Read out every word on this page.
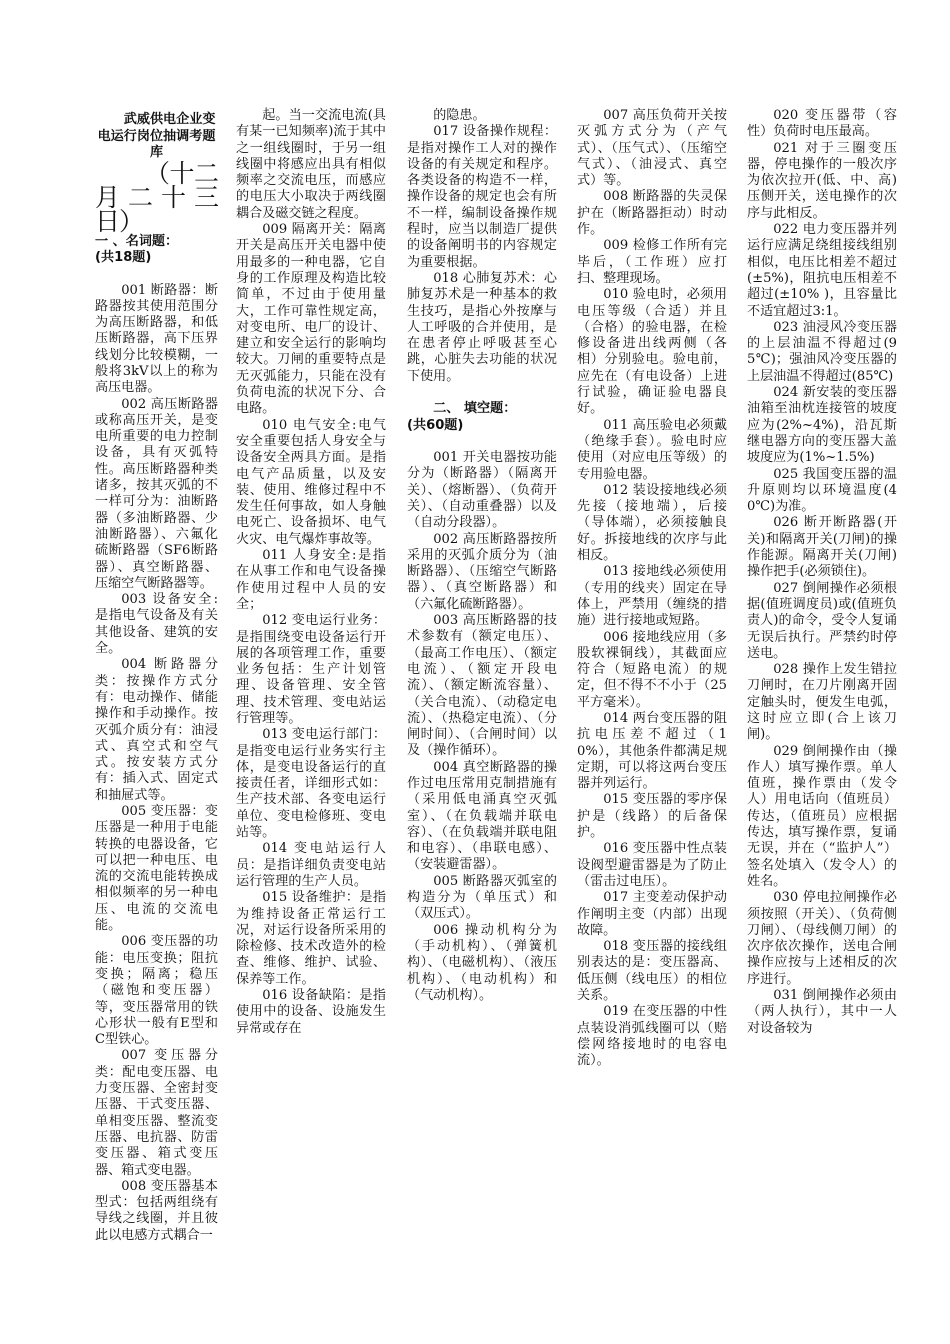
武威供电企业变电运行岗位抽调考题库

（十二月二十三日）

一 、名词题：

(共18题)

001 断路器：断路器按其使用范围分为高压断路器，和低压断路器，高下压界线划分比较模糊，一般将3kV以上的称为高压电器。

002 高压断路器或称高压开关，是变电所重要的电力控制设备，具有灭弧特性。高压断路器种类诸多，按其灭弧的不一样可分为：油断路器（多油断路器、少油断路器）、六氟化硫断路器（SF6断路器）、真空断路器、压缩空气断路器等。

003 设备安全:是指电气设备及有关其他设备、建筑的安全。

004 断路器分类：按操作方式分有：电动操作、储能操作和手动操作。按灭弧介质分有：油浸式、真空式和空气式。按安装方式分有：插入式、固定式和抽屉式等。

005 变压器：变压器是一种用于电能转换的电器设备，它可以把一种电压、电流的交流电能转换成相似频率的另一种电压、电流的交流电能。

006 变压器的功能：电压变换；阻抗变换；隔离；稳压（磁饱和变压器）等，变压器常用的铁心形状一般有E型和C型铁心。

007 变压器分类：配电变压器、电力变压器、全密封变压器、干式变压器、单相变压器、整流变压器、电抗器、防雷变压器、箱式变压器、箱式变电器。

008 变压器基本型式：包括两组绕有导线之线圈，并且彼此以电感方式耦合一

起。当一交流电流(具有某一已知频率)流于其中之一组线圈时，于另一组线圈中将感应出具有相似频率之交流电压，而感应的电压大小取决于两线圈耦合及磁交链之程度。

009 隔离开关：隔离开关是高压开关电器中使用最多的一种电器，它自身的工作原理及构造比较简单，不过由于使用量大，工作可靠性规定高，对变电所、电厂的设计、建立和安全运行的影响均较大。刀闸的重要特点是无灭弧能力，只能在没有负荷电流的状况下分、合电路。

010 电气安全:电气安全重要包括人身安全与设备安全两具方面。是指电气产品质量，以及安装、使用、维修过程中不发生任何事故，如人身触电死亡、设备损坏、电气火灾、电气爆炸事故等。

011 人身安全:是指在从事工作和电气设备操作使用过程中人员的安全；

012 变电运行业务：是指围绕变电设备运行开展的各项管理工作，重要业务包括：生产计划管理、设备管理、安全管理、技术管理、变电站运行管理等。

013 变电运行部门：是指变电运行业务实行主体，是变电设备运行的直接责任者，详细形式如：生产技术部、各变电运行单位、变电检修班、变电站等。

014 变电站运行人员：是指详细负责变电站运行管理的生产人员。

015 设备维护：是指为维持设备正常运行工况，对运行设备所采用的除检修、技术改造外的检查、维修、维护、试验、保养等工作。

016 设备缺陷：是指使用中的设备、设施发生异常或存在

的隐患。

017 设备操作规程：是指对操作工人对的操作设备的有关规定和程序。各类设备的构造不一样，操作设备的规定也会有所不一样，编制设备操作规程时，应当以制造厂提供的设备阐明书的内容规定为重要根据。

018 心肺复苏术：心肺复苏术是一种基本的救生技巧，是指心外按摩与人工呼吸的合并使用，是在患者停止呼吸甚至心跳，心脏失去功能的状况下使用。

二、 填空题：

(共60题)

001 开关电器按功能分为（断路器）（隔离开关）、（熔断器）、（负荷开关）、（自动重叠器）以及（自动分段器）。

002 高压断路器按所采用的灭弧介质分为（油断路器）、（压缩空气断路器）、（真空断路器）和（六氟化硫断路器）。

003 高压断路器的技术参数有（额定电压）、（最高工作电压）、（额定电流）、（额定开段电流）、（额定断流容量）、（关合电流）、（动稳定电流）、（热稳定电流）、（分闸时间）、（合闸时间）以及（操作循环）。

004 真空断路器的操作过电压常用克制措施有（采用低电涌真空灭弧室）、（在负载端并联电容）、（在负载端并联电阻和电容）、（串联电感）、（安装避雷器）。

005 断路器灭弧室的构造分为（单压式）和（双压式）。

006 操动机构分为（手动机构）、（弹簧机构）、（电磁机构）、（液压机构）、（电动机构）和（气动机构）。

007 高压负荷开关按灭弧方式分为（产气式）、（压气式）、（压缩空气式）、（油浸式、真空式）等。

008 断路器的失灵保护在（断路器拒动）时动作。

009 检修工作所有完毕后，（工作班）应打扫、整理现场。

010 验电时，必须用电压等级（合适）并且（合格）的验电器，在检修设备进出线两侧（各相）分别验电。验电前，应先在（有电设备）上进行试验，确证验电器良好。

011 高压验电必须戴（绝缘手套）。验电时应使用（对应电压等级）的专用验电器。

012 装设接地线必须先接（接地端），后接（导体端），必须接触良好。拆接地线的次序与此相反。

013 接地线必须使用（专用的线夹）固定在导体上，严禁用（缠绕的措施）进行接地或短路。

006 接地线应用（多股软裸铜线），其截面应符合（短路电流）的规定，但不得不不小于（25平方毫米）。

014 两台变压器的阻抗电压差不超过（10%），其他条件都满足规定期，可以将这两台变压器并列运行。

015 变压器的零序保护是（线路）的后备保护。

016 变压器中性点装设阀型避雷器是为了防止（雷击过电压）。

017 主变差动保护动作阐明主变（内部）出现故障。

018 变压器的接线组别表达的是：变压器高、低压侧（线电压）的相位关系。

019 在变压器的中性点装设消弧线圈可以（赔偿网络接地时的电容电流）。

020 变压器带（容性）负荷时电压最高。

021 对于三圈变压器，停电操作的一般次序为依次拉开(低、中、高)压侧开关，送电操作的次序与此相反。

022 电力变压器并列运行应满足绕组接线组别相似，电压比相差不超过(±5%)，阻抗电压相差不超过(±10% )，且容量比不适宜超过3:1。

023 油浸风冷变压器的上层油温不得超过(95℃)；强油风冷变压器的上层油温不得超过(85℃)

024 新安装的变压器油箱至油枕连接管的坡度应为(2%~4%)，沿瓦斯继电器方向的变压器大盖坡度应为(1%~1.5%)

025 我国变压器的温升原则均以环境温度(40℃)为准。

026 断开断路器(开关)和隔离开关(刀闸)的操作能源。隔离开关(刀闸)操作把手(必须锁住)。

027 倒闸操作必须根据(值班调度员)或(值班负责人)的命令，受令人复诵无误后执行。严禁约时停送电。

028 操作上发生错拉刀闸时，在刀片刚离开固定触头时，便发生电弧，这时应立即(合上该刀闸)。

029 倒闸操作由（操作人）填写操作票。单人值班，操作票由（发令人）用电话向（值班员）传达，（值班员）应根据传达，填写操作票，复诵无误，并在（“监护人”）签名处填入（发令人）的姓名。

030 停电拉闸操作必须按照（开关）、（负荷侧刀闸）、（母线侧刀闸）的次序依次操作，送电合闸操作应按与上述相反的次序进行。

031 倒闸操作必须由（两人执行），其中一人对设备较为
